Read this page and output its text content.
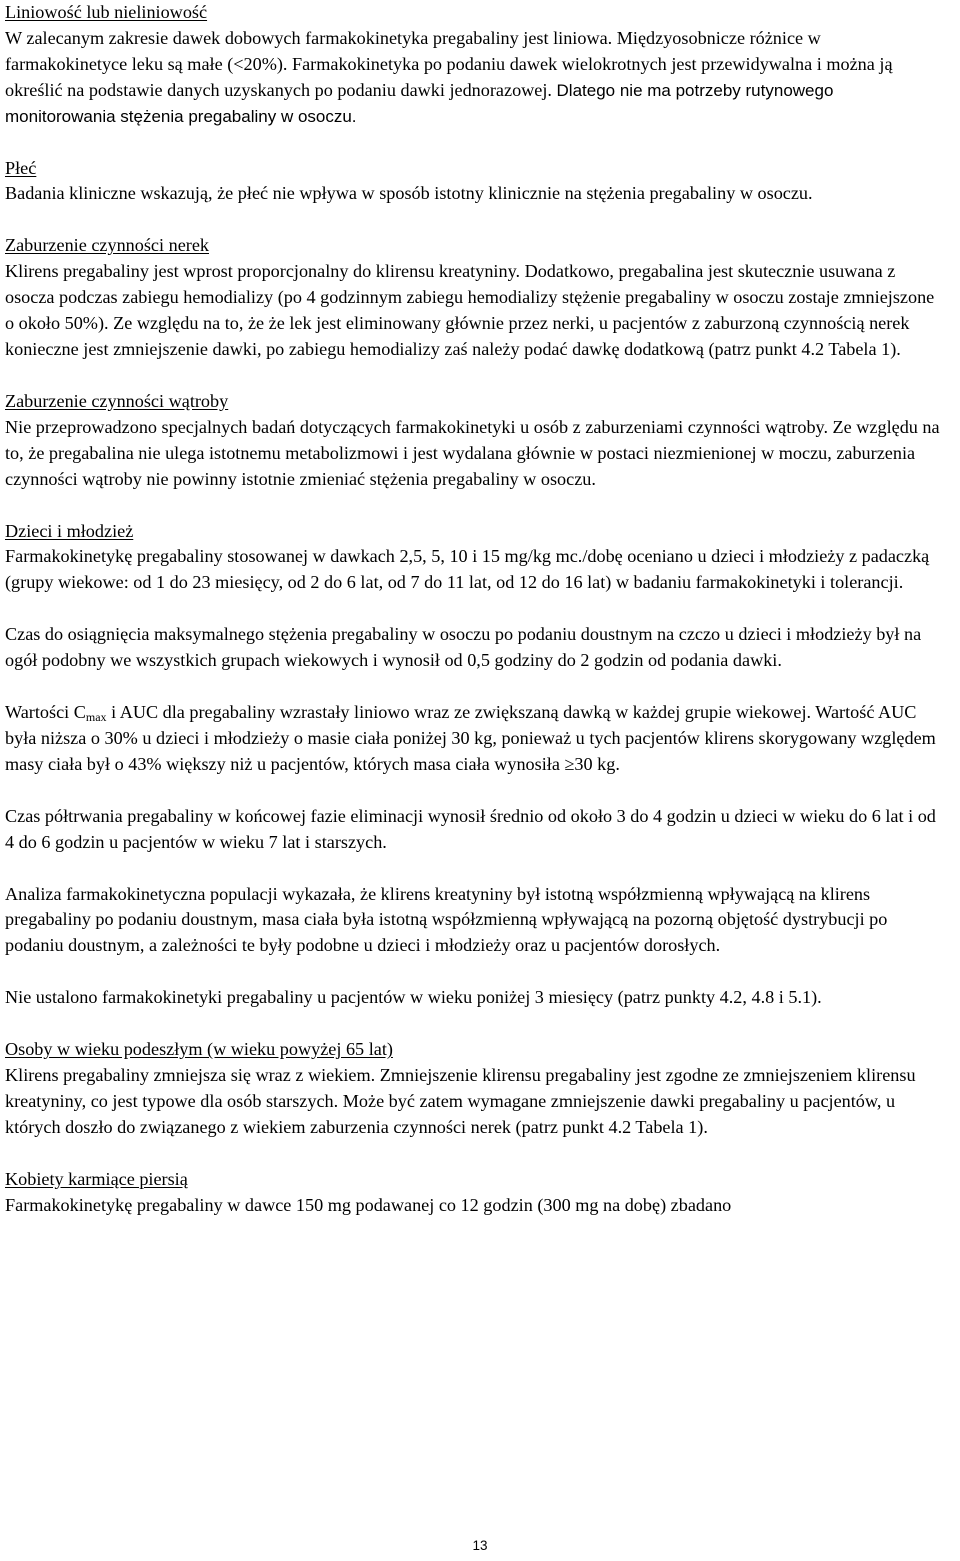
Liniowość lub nieliniowość

W zalecanym zakresie dawek dobowych farmakokinetyka pregabaliny jest liniowa. Międzyosobnicze różnice w farmakokinetyce leku są małe (<20%). Farmakokinetyka po podaniu dawek wielokrotnych jest przewidywalna i można ją określić na podstawie danych uzyskanych po podaniu dawki jednorazowej. Dlatego nie ma potrzeby rutynowego monitorowania stężenia pregabaliny w osoczu.

Płeć

Badania kliniczne wskazują, że płeć nie wpływa w sposób istotny klinicznie na stężenia pregabaliny w osoczu.

Zaburzenie czynności nerek

Klirens pregabaliny jest wprost proporcjonalny do klirensu kreatyniny. Dodatkowo, pregabalina jest skutecznie usuwana z osocza podczas zabiegu hemodializy (po 4 godzinnym zabiegu hemodializy stężenie pregabaliny w osoczu zostaje zmniejszone o około 50%). Ze względu na to, że że lek jest eliminowany głównie przez nerki, u pacjentów z zaburzoną czynnością nerek konieczne jest zmniejszenie dawki, po zabiegu hemodializy zaś należy podać dawkę dodatkową (patrz punkt 4.2 Tabela 1).

Zaburzenie czynności wątroby

Nie przeprowadzono specjalnych badań dotyczących farmakokinetyki u osób z zaburzeniami czynności wątroby. Ze względu na to, że pregabalina nie ulega istotnemu metabolizmowi i jest wydalana głównie w postaci niezmienionej w moczu, zaburzenia czynności wątroby nie powinny istotnie zmieniać stężenia pregabaliny w osoczu.

Dzieci i młodzież

Farmakokinetykę pregabaliny stosowanej w dawkach 2,5, 5, 10 i 15 mg/kg mc./dobę oceniano u dzieci i młodzieży z padaczką (grupy wiekowe: od 1 do 23 miesięcy, od 2 do 6 lat, od 7 do 11 lat, od 12 do 16 lat) w badaniu farmakokinetyki i tolerancji.

Czas do osiągnięcia maksymalnego stężenia pregabaliny w osoczu po podaniu doustnym na czczo u dzieci i młodzieży był na ogół podobny we wszystkich grupach wiekowych i wynosił od 0,5 godziny do 2 godzin od podania dawki.

Wartości $C_{max}$ i AUC dla pregabaliny wzrastały liniowo wraz ze zwiększaną dawką w każdej grupie wiekowej. Wartość AUC była niższa o 30% u dzieci i młodzieży o masie ciała poniżej 30 kg, ponieważ u tych pacjentów klirens skorygowany względem masy ciała był o 43% większy niż u pacjentów, których masa ciała wynosiła ≥30 kg.

Czas półtrwania pregabaliny w końcowej fazie eliminacji wynosił średnio od około 3 do 4 godzin u dzieci w wieku do 6 lat i od 4 do 6 godzin u pacjentów w wieku 7 lat i starszych.

Analiza farmakokinetyczna populacji wykazała, że klirens kreatyniny był istotną współzmienną wpływającą na klirens pregabaliny po podaniu doustnym, masa ciała była istotną współzmienną wpływającą na pozorną objętość dystrybucji po podaniu doustnym, a zależności te były podobne u dzieci i młodzieży oraz u pacjentów dorosłych.

Nie ustalono farmakokinetyki pregabaliny u pacjentów w wieku poniżej 3 miesięcy (patrz punkty 4.2, 4.8 i 5.1).

Osoby w wieku podeszłym (w wieku powyżej 65 lat)

Klirens pregabaliny zmniejsza się wraz z wiekiem. Zmniejszenie klirensu pregabaliny jest zgodne ze zmniejszeniem klirensu kreatyniny, co jest typowe dla osób starszych. Może być zatem wymagane zmniejszenie dawki pregabaliny u pacjentów, u których doszło do związanego z wiekiem zaburzenia czynności nerek (patrz punkt 4.2 Tabela 1).

Kobiety karmiące piersią

Farmakokinetykę pregabaliny w dawce 150 mg podawanej co 12 godzin (300 mg na dobę) zbadano

13
